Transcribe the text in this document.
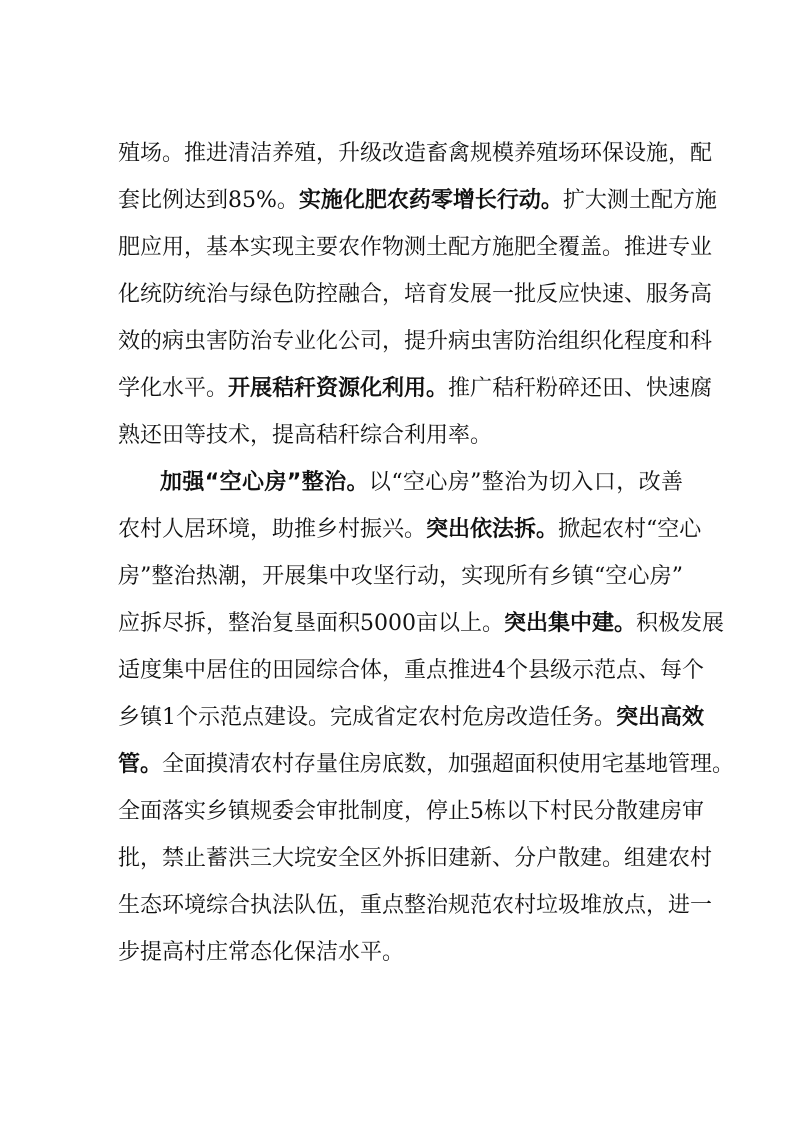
殖场。推进清洁养殖，升级改造畜禽规模养殖场环保设施，配
套比例达到85%。实施化肥农药零增长行动。扩大测土配方施
肥应用，基本实现主要农作物测土配方施肥全覆盖。推进专业
化统防统治与绿色防控融合，培育发展一批反应快速、服务高
效的病虫害防治专业化公司，提升病虫害防治组织化程度和科
学化水平。开展秸秆资源化利用。推广秸秆粉碎还田、快速腐
熟还田等技术，提高秸秆综合利用率。
加强“空心房”整治。以“空心房”整治为切入口，改善
农村人居环境，助推乡村振兴。突出依法拆。掀起农村“空心
房”整治热潮，开展集中攻坚行动，实现所有乡镇“空心房”
应拆尽拆，整治复垦面积5000亩以上。突出集中建。积极发展
适度集中居住的田园综合体，重点推进4个县级示范点、每个
乡镇1个示范点建设。完成省定农村危房改造任务。突出高效
管。全面摸清农村存量住房底数，加强超面积使用宅基地管理。
全面落实乡镇规委会审批制度，停止5栋以下村民分散建房审
批，禁止蓄洪三大垸安全区外拆旧建新、分户散建。组建农村
生态环境综合执法队伍，重点整治规范农村垃圾堆放点，进一
步提高村庄常态化保洁水平。
